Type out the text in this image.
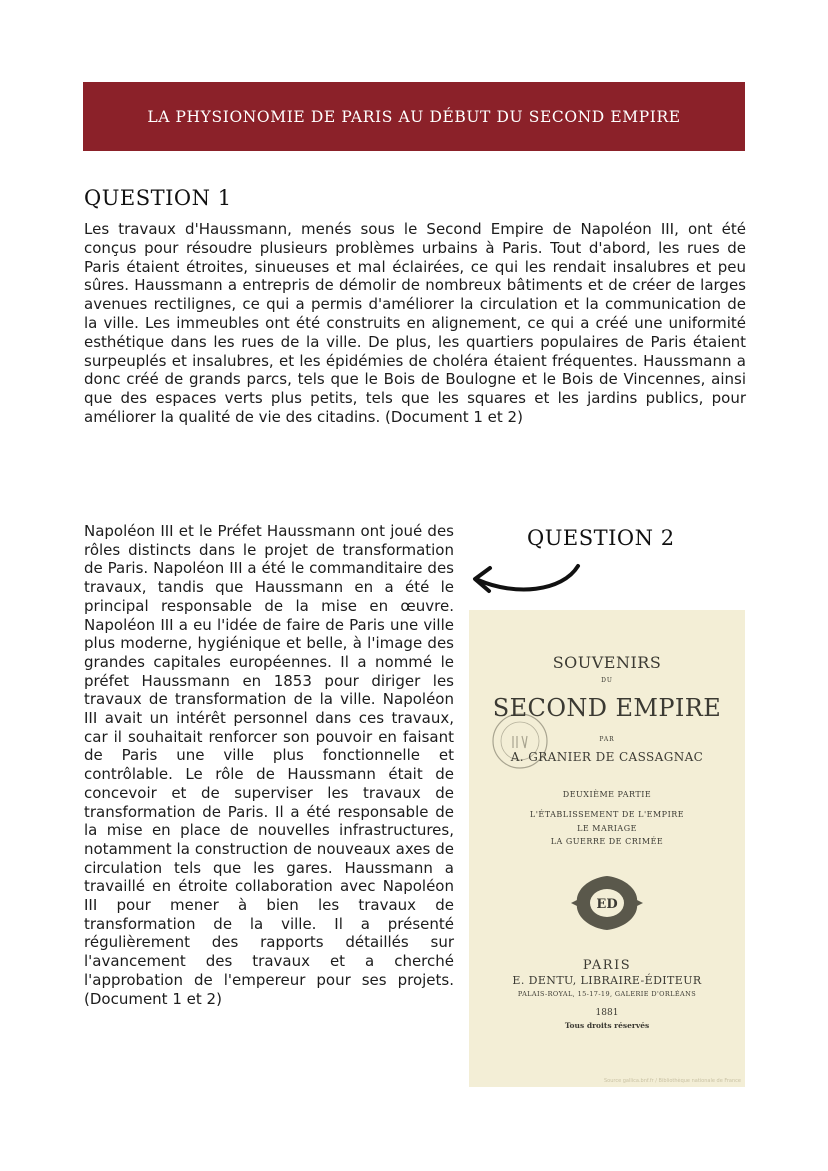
LA PHYSIONOMIE DE PARIS AU DÉBUT DU SECOND EMPIRE
QUESTION 1

Les travaux d'Haussmann, menés sous le Second Empire de Napoléon III, ont été conçus pour résoudre plusieurs problèmes urbains à Paris. Tout d'abord, les rues de Paris étaient étroites, sinueuses et mal éclairées, ce qui les rendait insalubres et peu sûres. Haussmann a entrepris de démolir de nombreux bâtiments et de créer de larges avenues rectilignes, ce qui a permis d'améliorer la circulation et la communication de la ville. Les immeubles ont été construits en alignement, ce qui a créé une uniformité esthétique dans les rues de la ville. De plus, les quartiers populaires de Paris étaient surpeuplés et insalubres, et les épidémies de choléra étaient fréquentes. Haussmann a donc créé de grands parcs, tels que le Bois de Boulogne et le Bois de Vincennes, ainsi que des espaces verts plus petits, tels que les squares et les jardins publics, pour améliorer la qualité de vie des citadins. (Document 1 et 2)

Napoléon III et le Préfet Haussmann ont joué des rôles distincts dans le projet de transformation de Paris. Napoléon III a été le commanditaire des travaux, tandis que Haussmann en a été le principal responsable de la mise en œuvre. Napoléon III a eu l'idée de faire de Paris une ville plus moderne, hygiénique et belle, à l'image des grandes capitales européennes. Il a nommé le préfet Haussmann en 1853 pour diriger les travaux de transformation de la ville. Napoléon III avait un intérêt personnel dans ces travaux, car il souhaitait renforcer son pouvoir en faisant de Paris une ville plus fonctionnelle et contrôlable. Le rôle de Haussmann était de concevoir et de superviser les travaux de transformation de Paris. Il a été responsable de la mise en place de nouvelles infrastructures, notamment la construction de nouveaux axes de circulation tels que les gares. Haussmann a travaillé en étroite collaboration avec Napoléon III pour mener à bien les travaux de transformation de la ville. Il a présenté régulièrement des rapports détaillés sur l'avancement des travaux et a cherché l'approbation de l'empereur pour ses projets. (Document 1 et 2)

QUESTION 2
SOUVENIRS
DU
SECOND EMPIRE
PAR
A. GRANIER DE CASSAGNAC
DEUXIÈME PARTIE
L'ÉTABLISSEMENT DE L'EMPIRE
LE MARIAGE
LA GUERRE DE CRIMÉE
ED
PARIS
E. DENTU, LIBRAIRE-ÉDITEUR
PALAIS-ROYAL, 15-17-19, GALERIE D'ORLÉANS
1881
Tous droits réservés
Source gallica.bnf.fr / Bibliothèque nationale de France
